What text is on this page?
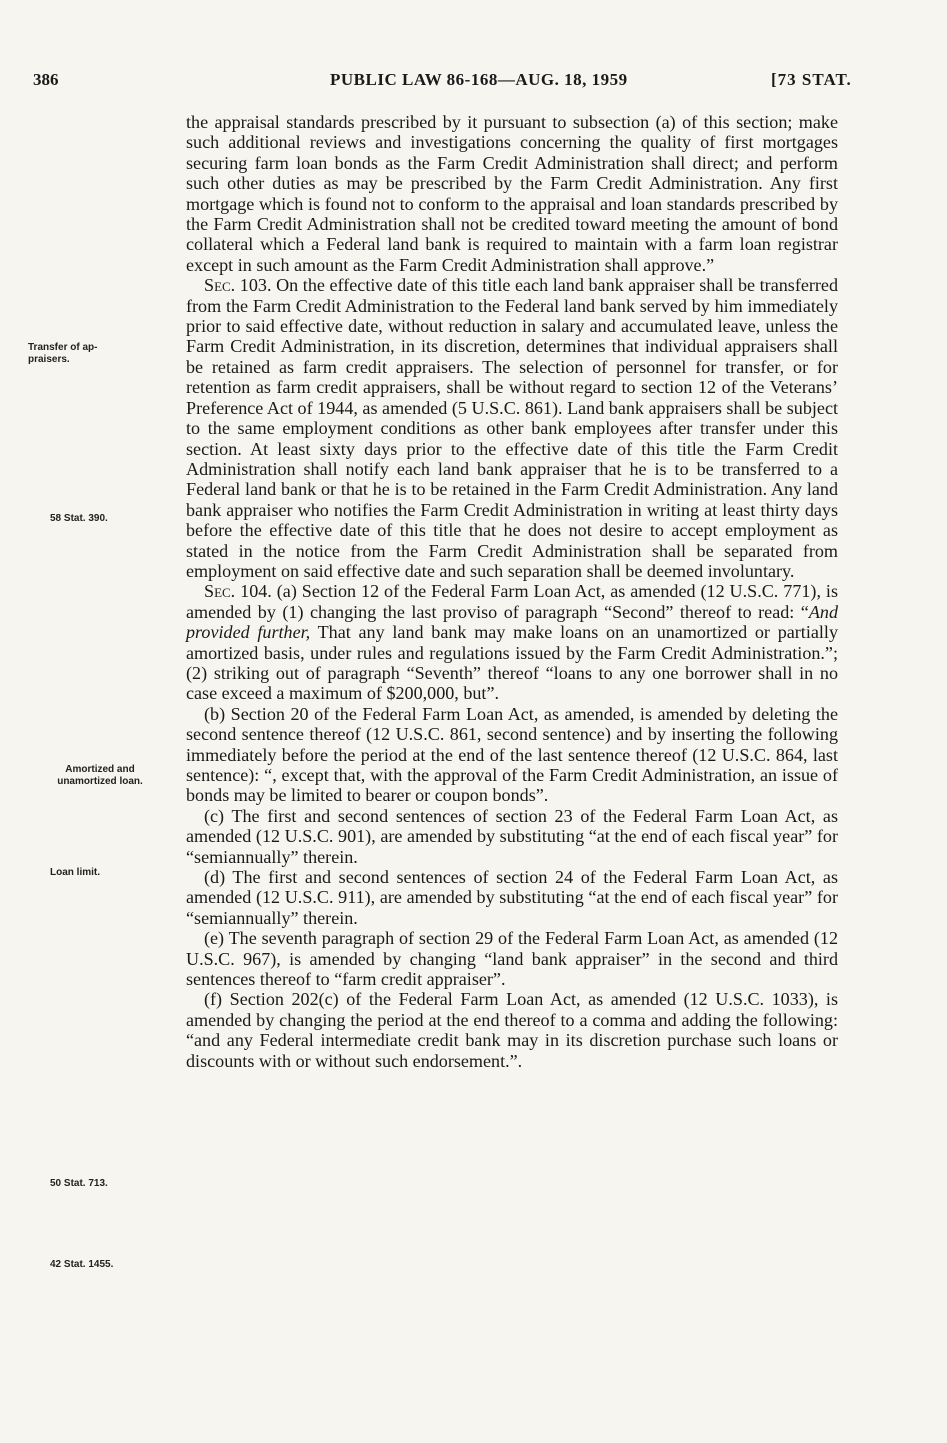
386	PUBLIC LAW 86-168—AUG. 18, 1959	[73 STAT.
Transfer of ap-
praisers.
58 Stat. 390.
Amortized and
unamortized loan.
Loan limit.
50 Stat. 713.
42 Stat. 1455.

the appraisal standards prescribed by it pursuant to subsection (a) of this section; make such additional reviews and investigations concerning the quality of first mortgages securing farm loan bonds as the Farm Credit Administration shall direct; and perform such other duties as may be prescribed by the Farm Credit Administration. Any first mortgage which is found not to conform to the appraisal and loan standards prescribed by the Farm Credit Administration shall not be credited toward meeting the amount of bond collateral which a Federal land bank is required to maintain with a farm loan registrar except in such amount as the Farm Credit Administration shall approve.”

Sec. 103. On the effective date of this title each land bank appraiser shall be transferred from the Farm Credit Administration to the Federal land bank served by him immediately prior to said effective date, without reduction in salary and accumulated leave, unless the Farm Credit Administration, in its discretion, determines that individual appraisers shall be retained as farm credit appraisers. The selection of personnel for transfer, or for retention as farm credit appraisers, shall be without regard to section 12 of the Veterans’ Preference Act of 1944, as amended (5 U.S.C. 861). Land bank appraisers shall be subject to the same employment conditions as other bank employees after transfer under this section. At least sixty days prior to the effective date of this title the Farm Credit Administration shall notify each land bank appraiser that he is to be transferred to a Federal land bank or that he is to be retained in the Farm Credit Administration. Any land bank appraiser who notifies the Farm Credit Administration in writing at least thirty days before the effective date of this title that he does not desire to accept employment as stated in the notice from the Farm Credit Administration shall be separated from employment on said effective date and such separation shall be deemed involuntary.

Sec. 104. (a) Section 12 of the Federal Farm Loan Act, as amended (12 U.S.C. 771), is amended by (1) changing the last proviso of paragraph “Second” thereof to read: “And provided further, That any land bank may make loans on an unamortized or partially amortized basis, under rules and regulations issued by the Farm Credit Administration.”; (2) striking out of paragraph “Seventh” thereof “loans to any one borrower shall in no case exceed a maximum of $200,000, but”.

(b) Section 20 of the Federal Farm Loan Act, as amended, is amended by deleting the second sentence thereof (12 U.S.C. 861, second sentence) and by inserting the following immediately before the period at the end of the last sentence thereof (12 U.S.C. 864, last sentence): “, except that, with the approval of the Farm Credit Administration, an issue of bonds may be limited to bearer or coupon bonds”.

(c) The first and second sentences of section 23 of the Federal Farm Loan Act, as amended (12 U.S.C. 901), are amended by substituting “at the end of each fiscal year” for “semiannually” therein.

(d) The first and second sentences of section 24 of the Federal Farm Loan Act, as amended (12 U.S.C. 911), are amended by substituting “at the end of each fiscal year” for “semiannually” therein.

(e) The seventh paragraph of section 29 of the Federal Farm Loan Act, as amended (12 U.S.C. 967), is amended by changing “land bank appraiser” in the second and third sentences thereof to “farm credit appraiser”.

(f) Section 202(c) of the Federal Farm Loan Act, as amended (12 U.S.C. 1033), is amended by changing the period at the end thereof to a comma and adding the following: “and any Federal intermediate credit bank may in its discretion purchase such loans or discounts with or without such endorsement.”.
